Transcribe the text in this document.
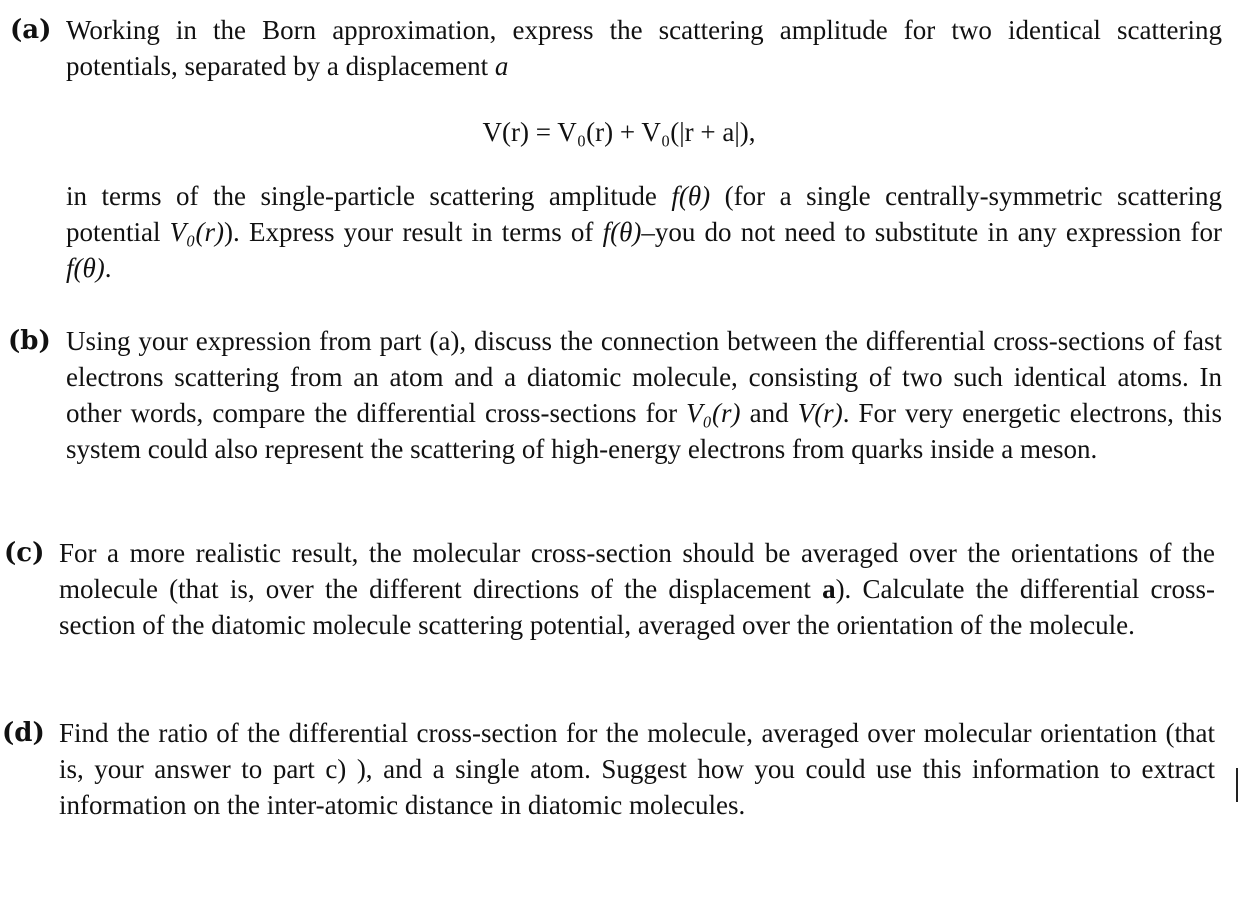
(a) Working in the Born approximation, express the scattering amplitude for two identical scattering potentials, separated by a displacement a
V(r) = V₀(r) + V₀(|r + a|),
in terms of the single-particle scattering amplitude f(θ) (for a single centrally-symmetric scattering potential V₀(r)). Express your result in terms of f(θ)–you do not need to substitute in any expression for f(θ).
(b) Using your expression from part (a), discuss the connection between the differential cross-sections of fast electrons scattering from an atom and a diatomic molecule, consisting of two such identical atoms. In other words, compare the differential cross-sections for V₀(r) and V(r). For very energetic electrons, this system could also represent the scattering of high-energy electrons from quarks inside a meson.
(c) For a more realistic result, the molecular cross-section should be averaged over the orientations of the molecule (that is, over the different directions of the displacement a). Calculate the differential cross-section of the diatomic molecule scattering potential, averaged over the orientation of the molecule.
(d) Find the ratio of the differential cross-section for the molecule, averaged over molecular orientation (that is, your answer to part c) ), and a single atom. Suggest how you could use this information to extract information on the inter-atomic distance in diatomic molecules.
